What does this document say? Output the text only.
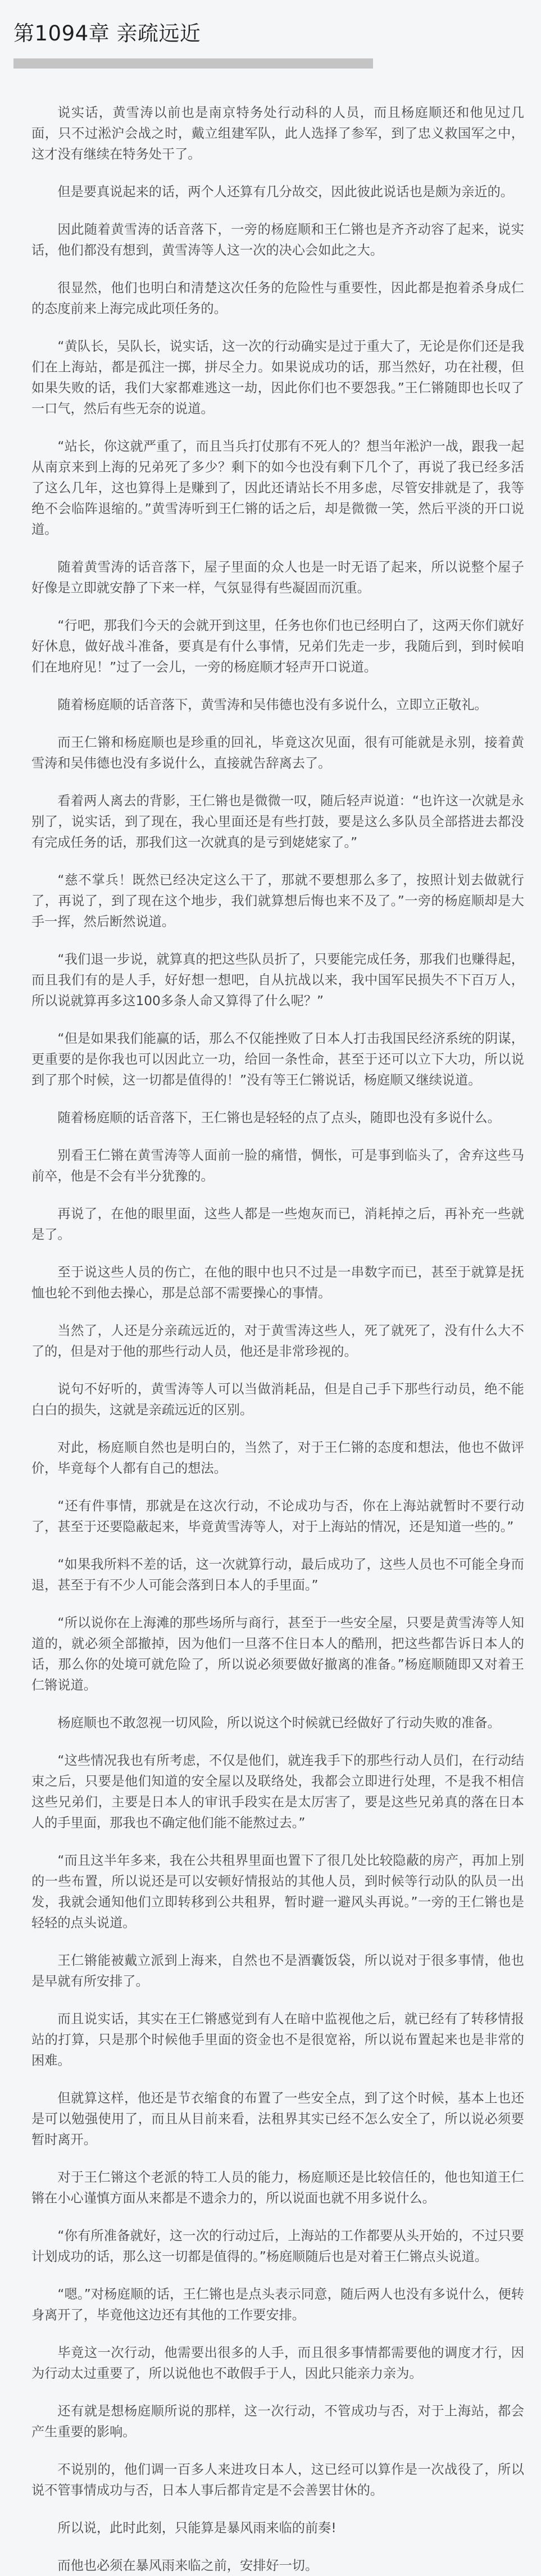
第1094章 亲疏远近

说实话，黄雪涛以前也是南京特务处行动科的人员，而且杨庭顺还和他见过几面，只不过淞沪会战之时，戴立组建军队，此人选择了参军，到了忠义救国军之中，这才没有继续在特务处干了。

但是要真说起来的话，两个人还算有几分故交，因此彼此说话也是颇为亲近的。

因此随着黄雪涛的话音落下，一旁的杨庭顺和王仁锵也是齐齐动容了起来，说实话，他们都没有想到，黄雪涛等人这一次的决心会如此之大。

很显然，他们也明白和清楚这次任务的危险性与重要性，因此都是抱着杀身成仁的态度前来上海完成此项任务的。

“黄队长，吴队长，说实话，这一次的行动确实是过于重大了，无论是你们还是我们在上海站，都是孤注一掷，拼尽全力。如果说成功的话，那当然好，功在社稷，但如果失败的话，我们大家都难逃这一劫，因此你们也不要怨我。”王仁锵随即也长叹了一口气，然后有些无奈的说道。

“站长，你这就严重了，而且当兵打仗那有不死人的？想当年淞沪一战，跟我一起从南京来到上海的兄弟死了多少？剩下的如今也没有剩下几个了，再说了我已经多活了这么几年，这也算得上是赚到了，因此还请站长不用多虑，尽管安排就是了，我等绝不会临阵退缩的。”黄雪涛听到王仁锵的话之后，却是微微一笑，然后平淡的开口说道。

随着黄雪涛的话音落下，屋子里面的众人也是一时无语了起来，所以说整个屋子好像是立即就安静了下来一样，气氛显得有些凝固而沉重。

“行吧，那我们今天的会就开到这里，任务也你们也已经明白了，这两天你们就好好休息，做好战斗准备，要真是有什么事情，兄弟们先走一步，我随后到，到时候咱们在地府见！”过了一会儿，一旁的杨庭顺才轻声开口说道。

随着杨庭顺的话音落下，黄雪涛和吴伟德也没有多说什么，立即立正敬礼。

而王仁锵和杨庭顺也是珍重的回礼，毕竟这次见面，很有可能就是永别，接着黄雪涛和吴伟德也没有多说什么，直接就告辞离去了。

看着两人离去的背影，王仁锵也是微微一叹，随后轻声说道：“也许这一次就是永别了，说实话，到了现在，我心里面还是有些打鼓，要是这么多队员全部搭进去都没有完成任务的话，那我们这一次就真的是亏到姥姥家了。”

“慈不掌兵！既然已经决定这么干了，那就不要想那么多了，按照计划去做就行了，再说了，到了现在这个地步，我们就算想后悔也来不及了。”一旁的杨庭顺却是大手一挥，然后断然说道。

“我们退一步说，就算真的把这些队员折了，只要能完成任务，那我们也赚得起，而且我们有的是人手，好好想一想吧，自从抗战以来，我中国军民损失不下百万人，所以说就算再多这100多条人命又算得了什么呢？”

“但是如果我们能赢的话，那么不仅能挫败了日本人打击我国民经济系统的阴谋，更重要的是你我也可以因此立一功，给回一条性命，甚至于还可以立下大功，所以说到了那个时候，这一切都是值得的！”没有等王仁锵说话，杨庭顺又继续说道。

随着杨庭顺的话音落下，王仁锵也是轻轻的点了点头，随即也没有多说什么。

别看王仁锵在黄雪涛等人面前一脸的痛惜，惆怅，可是事到临头了，舍弃这些马前卒，他是不会有半分犹豫的。

再说了，在他的眼里面，这些人都是一些炮灰而已，消耗掉之后，再补充一些就是了。

至于说这些人员的伤亡，在他的眼中也只不过是一串数字而已，甚至于就算是抚恤也轮不到他去操心，那是总部不需要操心的事情。

当然了，人还是分亲疏远近的，对于黄雪涛这些人，死了就死了，没有什么大不了的，但是对于他的那些行动人员，他还是非常珍视的。

说句不好听的，黄雪涛等人可以当做消耗品，但是自己手下那些行动员，绝不能白白的损失，这就是亲疏远近的区别。

对此，杨庭顺自然也是明白的，当然了，对于王仁锵的态度和想法，他也不做评价，毕竟每个人都有自己的想法。

“还有件事情，那就是在这次行动，不论成功与否，你在上海站就暂时不要行动了，甚至于还要隐蔽起来，毕竟黄雪涛等人，对于上海站的情况，还是知道一些的。”

“如果我所料不差的话，这一次就算行动，最后成功了，这些人员也不可能全身而退，甚至于有不少人可能会落到日本人的手里面。”

“所以说你在上海滩的那些场所与商行，甚至于一些安全屋，只要是黄雪涛等人知道的，就必须全部撤掉，因为他们一旦落不住日本人的酷刑，把这些都告诉日本人的话，那么你的处境可就危险了，所以说必须要做好撤离的准备。”杨庭顺随即又对着王仁锵说道。

杨庭顺也不敢忽视一切风险，所以说这个时候就已经做好了行动失败的准备。

“这些情况我也有所考虑，不仅是他们，就连我手下的那些行动人员们，在行动结束之后，只要是他们知道的安全屋以及联络处，我都会立即进行处理，不是我不相信这些兄弟们，主要是日本人的审讯手段实在是太厉害了，要是这些兄弟真的落在日本人的手里面，那我也不确定他们能不能熬过去。”

“而且这半年多来，我在公共租界里面也置下了很几处比较隐蔽的房产，再加上别的一些布置，所以说还是可以安顿好情报站的其他人员，到时候等行动队的队员一出发，我就会通知他们立即转移到公共租界，暂时避一避风头再说。”一旁的王仁锵也是轻轻的点头说道。

王仁锵能被戴立派到上海来，自然也不是酒囊饭袋，所以说对于很多事情，他也是早就有所安排了。

而且说实话，其实在王仁锵感觉到有人在暗中监视他之后，就已经有了转移情报站的打算，只是那个时候他手里面的资金也不是很宽裕，所以说布置起来也是非常的困难。

但就算这样，他还是节衣缩食的布置了一些安全点，到了这个时候，基本上也还是可以勉强使用了，而且从目前来看，法租界其实已经不怎么安全了，所以说必须要暂时离开。

对于王仁锵这个老派的特工人员的能力，杨庭顺还是比较信任的，他也知道王仁锵在小心谨慎方面从来都是不遗余力的，所以说面也就不用多说什么。

“你有所准备就好，这一次的行动过后，上海站的工作都要从头开始的，不过只要计划成功的话，那么这一切都是值得的。”杨庭顺随后也是对着王仁锵点头说道。

“嗯。”对杨庭顺的话，王仁锵也是点头表示同意，随后两人也没有多说什么，便转身离开了，毕竟他这边还有其他的工作要安排。

毕竟这一次行动，他需要出很多的人手，而且很多事情都需要他的调度才行，因为行动太过重要了，所以说他也不敢假手于人，因此只能亲力亲为。

还有就是想杨庭顺所说的那样，这一次行动，不管成功与否，对于上海站，都会产生重要的影响。

不说别的，他们调一百多人来进攻日本人，这已经可以算作是一次战役了，所以说不管事情成功与否，日本人事后都肯定是不会善罢甘休的。

所以说，此时此刻，只能算是暴风雨来临的前奏!

而他也必须在暴风雨来临之前，安排好一切。
